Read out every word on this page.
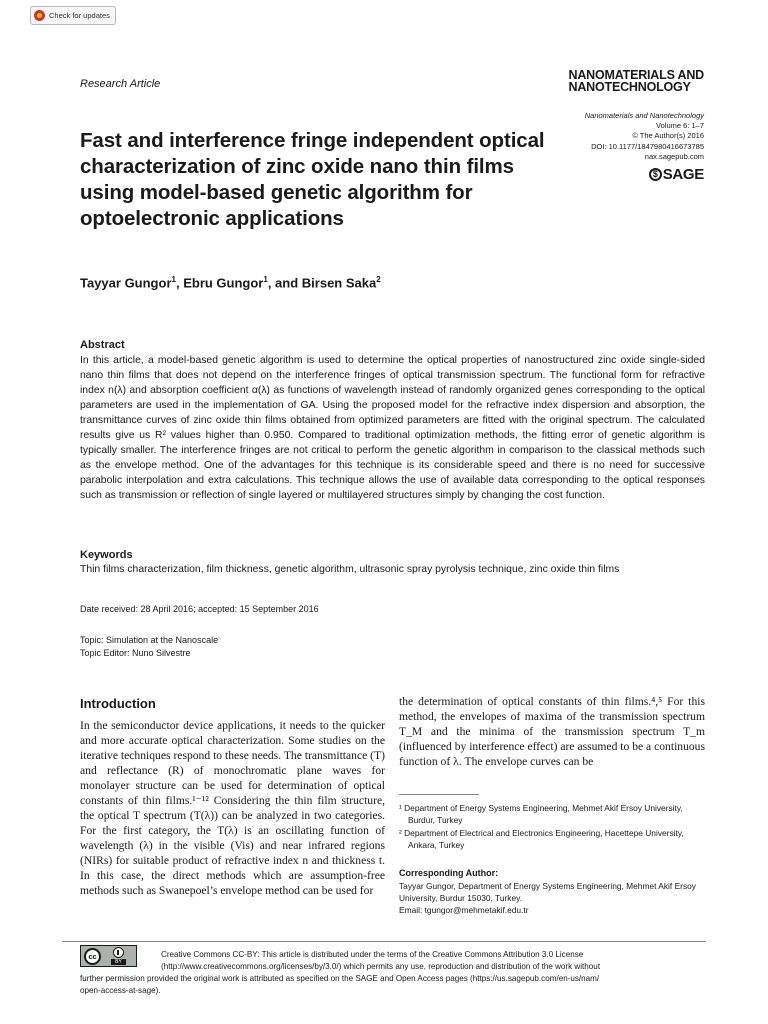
Check for updates
Research Article
NANOMATERIALS AND
NANOTECHNOLOGY
Nanomaterials and Nanotechnology
Volume 6: 1–7
© The Author(s) 2016
DOI: 10.1177/1847980416673785
nax.sagepub.com
$ SAGE
Fast and interference fringe independent optical characterization of zinc oxide nano thin films using model-based genetic algorithm for optoelectronic applications
Tayyar Gungor$^1$, Ebru Gungor$^1$, and Birsen Saka$^2$
Abstract

In this article, a model-based genetic algorithm is used to determine the optical properties of nanostructured zinc oxide single-sided nano thin films that does not depend on the interference fringes of optical transmission spectrum. The functional form for refractive index n(λ) and absorption coefficient α(λ) as functions of wavelength instead of randomly organized genes corresponding to the optical parameters are used in the implementation of GA. Using the proposed model for the refractive index dispersion and absorption, the transmittance curves of zinc oxide thin films obtained from optimized parameters are fitted with the original spectrum. The calculated results give us R² values higher than 0.950. Compared to traditional optimization methods, the fitting error of genetic algorithm is typically smaller. The interference fringes are not critical to perform the genetic algorithm in comparison to the classical methods such as the envelope method. One of the advantages for this technique is its considerable speed and there is no need for successive parabolic interpolation and extra calculations. This technique allows the use of available data corresponding to the optical responses such as transmission or reflection of single layered or multilayered structures simply by changing the cost function.

Keywords
Thin films characterization, film thickness, genetic algorithm, ultrasonic spray pyrolysis technique, zinc oxide thin films
Date received: 28 April 2016; accepted: 15 September 2016
Topic: Simulation at the Nanoscale
Topic Editor: Nuno Silvestre
Introduction

In the semiconductor device applications, it needs to the quicker and more accurate optical characterization. Some studies on the iterative techniques respond to these needs. The transmittance (T) and reflectance (R) of monochromatic plane waves for monolayer structure can be used for determination of optical constants of thin films.¹⁻¹² Considering the thin film structure, the optical T spectrum (T(λ)) can be analyzed in two categories. For the first category, the T(λ) is an oscillating function of wavelength (λ) in the visible (Vis) and near infrared regions (NIRs) for suitable product of refractive index n and thickness t. In this case, the direct methods which are assumption-free methods such as Swanepoel’s envelope method can be used for

the determination of optical constants of thin films.⁴,⁵ For this method, the envelopes of maxima of the transmission spectrum T_M and the minima of the transmission spectrum T_m (influenced by interference effect) are assumed to be a continuous function of λ. The envelope curves can be

¹ Department of Energy Systems Engineering, Mehmet Akif Ersoy University, Burdur, Turkey
² Department of Electrical and Electronics Engineering, Hacettepe University, Ankara, Turkey
Corresponding Author:
Tayyar Gungor, Department of Energy Systems Engineering, Mehmet Akif Ersoy University, Burdur 15030, Turkey.
Email: tgungor@mehmetakif.edu.tr
cc
BY
Creative Commons CC-BY: This article is distributed under the terms of the Creative Commons Attribution 3.0 License
(http://www.creativecommons.org/licenses/by/3.0/) which permits any use, reproduction and distribution of the work without
further permission provided the original work is attributed as specified on the SAGE and Open Access pages (https://us.sagepub.com/en-us/nam/
open-access-at-sage).
